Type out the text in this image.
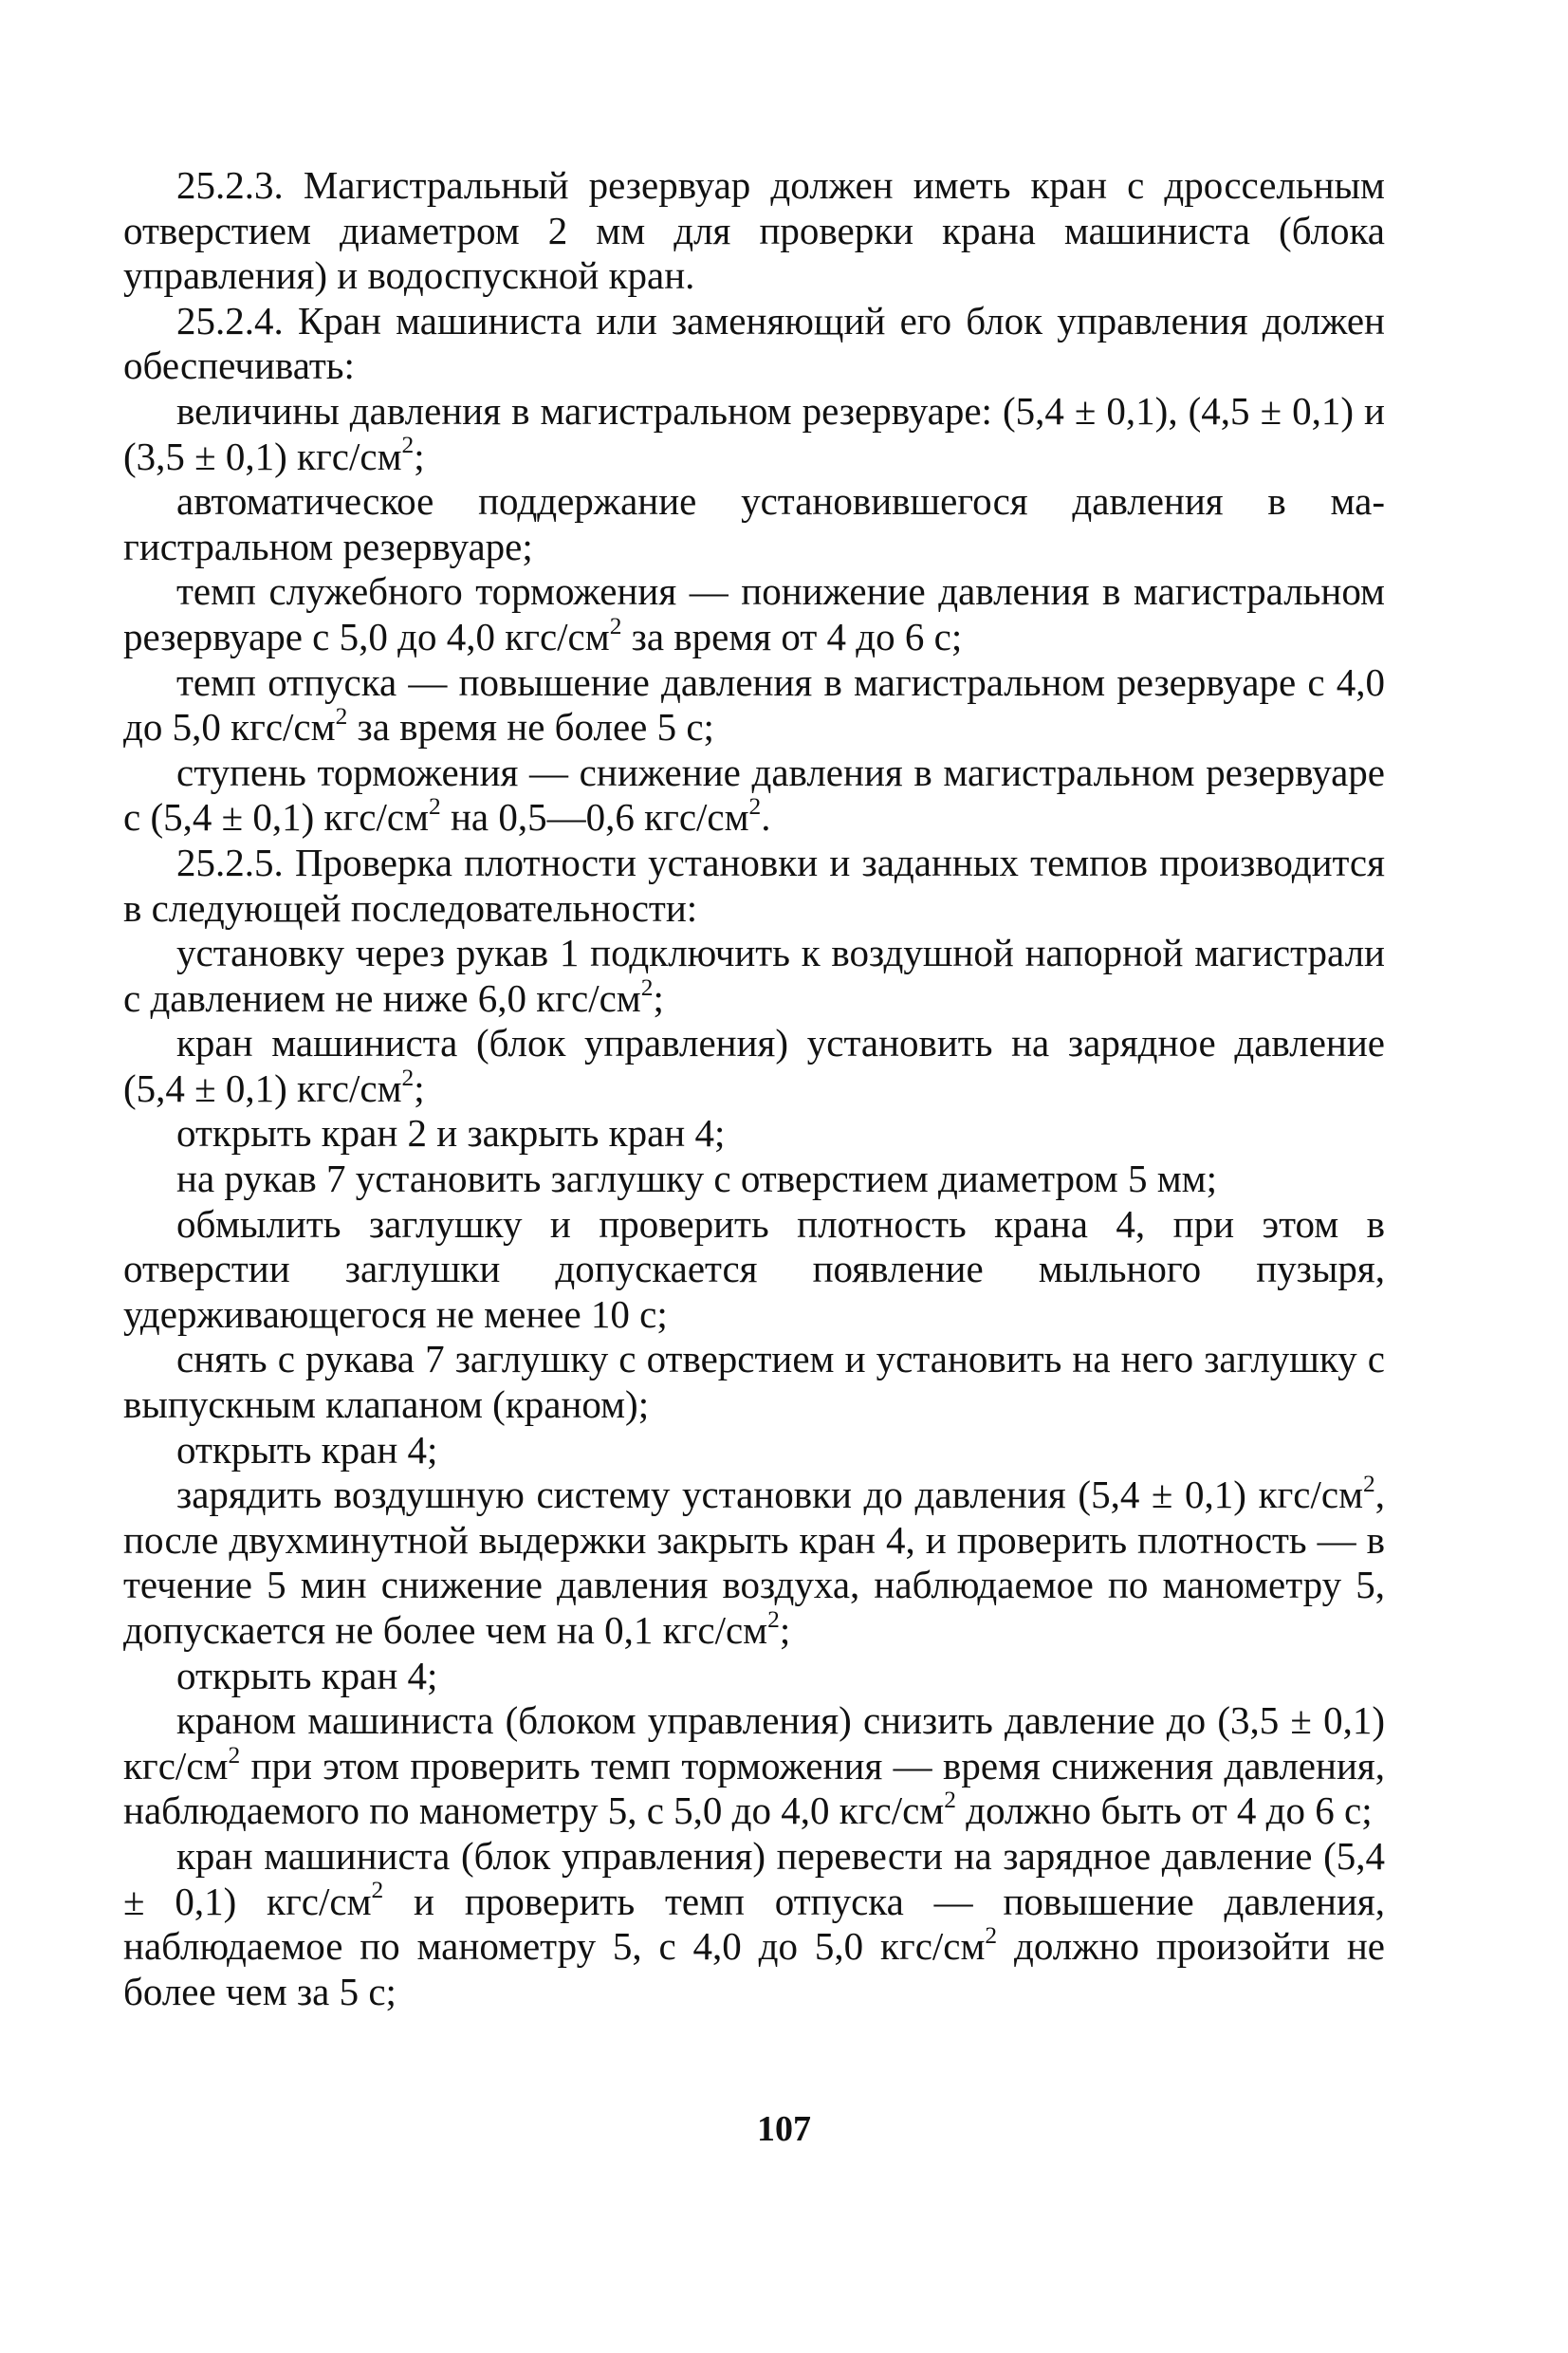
25.2.3. Магистральный резервуар должен иметь кран с дроссельным отверстием диаметром 2 мм для проверки крана машиниста (блока управления) и водоспускной кран.

25.2.4. Кран машиниста или заменяющий его блок управления должен обеспечивать:

величины давления в магистральном резервуаре: (5,4 ± 0,1), (4,5 ± 0,1) и (3,5 ± 0,1) кгс/$см^2$;

автоматическое поддержание установившегося давления в магистральном резервуаре;

темп служебного торможения — понижение давления в магистральном резервуаре с 5,0 до 4,0 кгс/$см^2$ за время от 4 до 6 с;

темп отпуска — повышение давления в магистральном резервуаре с 4,0 до 5,0 кгс/$см^2$ за время не более 5 с;

ступень торможения — снижение давления в магистральном резервуаре с (5,4 ± 0,1) кгс/$см^2$ на 0,5—0,6 кгс/$см^2$.

25.2.5. Проверка плотности установки и заданных темпов производится в следующей последовательности:

установку через рукав 1 подключить к воздушной напорной магистрали с давлением не ниже 6,0 кгс/$см^2$;

кран машиниста (блок управления) установить на зарядное давление (5,4 ± 0,1) кгс/$см^2$;

открыть кран 2 и закрыть кран 4;

на рукав 7 установить заглушку с отверстием диаметром 5 мм;

обмылить заглушку и проверить плотность крана 4, при этом в отверстии заглушки допускается появление мыльного пузыря, удерживающегося не менее 10 с;

снять с рукава 7 заглушку с отверстием и установить на него заглушку с выпускным клапаном (краном);

открыть кран 4;

зарядить воздушную систему установки до давления (5,4 ± 0,1) кгс/$см^2$, после двухминутной выдержки закрыть кран 4, и проверить плотность — в течение 5 мин снижение давления воздуха, наблюдаемое по манометру 5, допускается не более чем на 0,1 кгс/$см^2$;

открыть кран 4;

краном машиниста (блоком управления) снизить давление до (3,5 ± 0,1) кгс/$см^2$ при этом проверить темп торможения — время снижения давления, наблюдаемого по манометру 5, с 5,0 до 4,0 кгс/$см^2$ должно быть от 4 до 6 с;

кран машиниста (блок управления) перевести на зарядное давление (5,4 ± 0,1) кгс/$см^2$ и проверить темп отпуска — повышение давления, наблюдаемое по манометру 5, с 4,0 до 5,0 кгс/$см^2$ должно произойти не более чем за 5 с;

107
